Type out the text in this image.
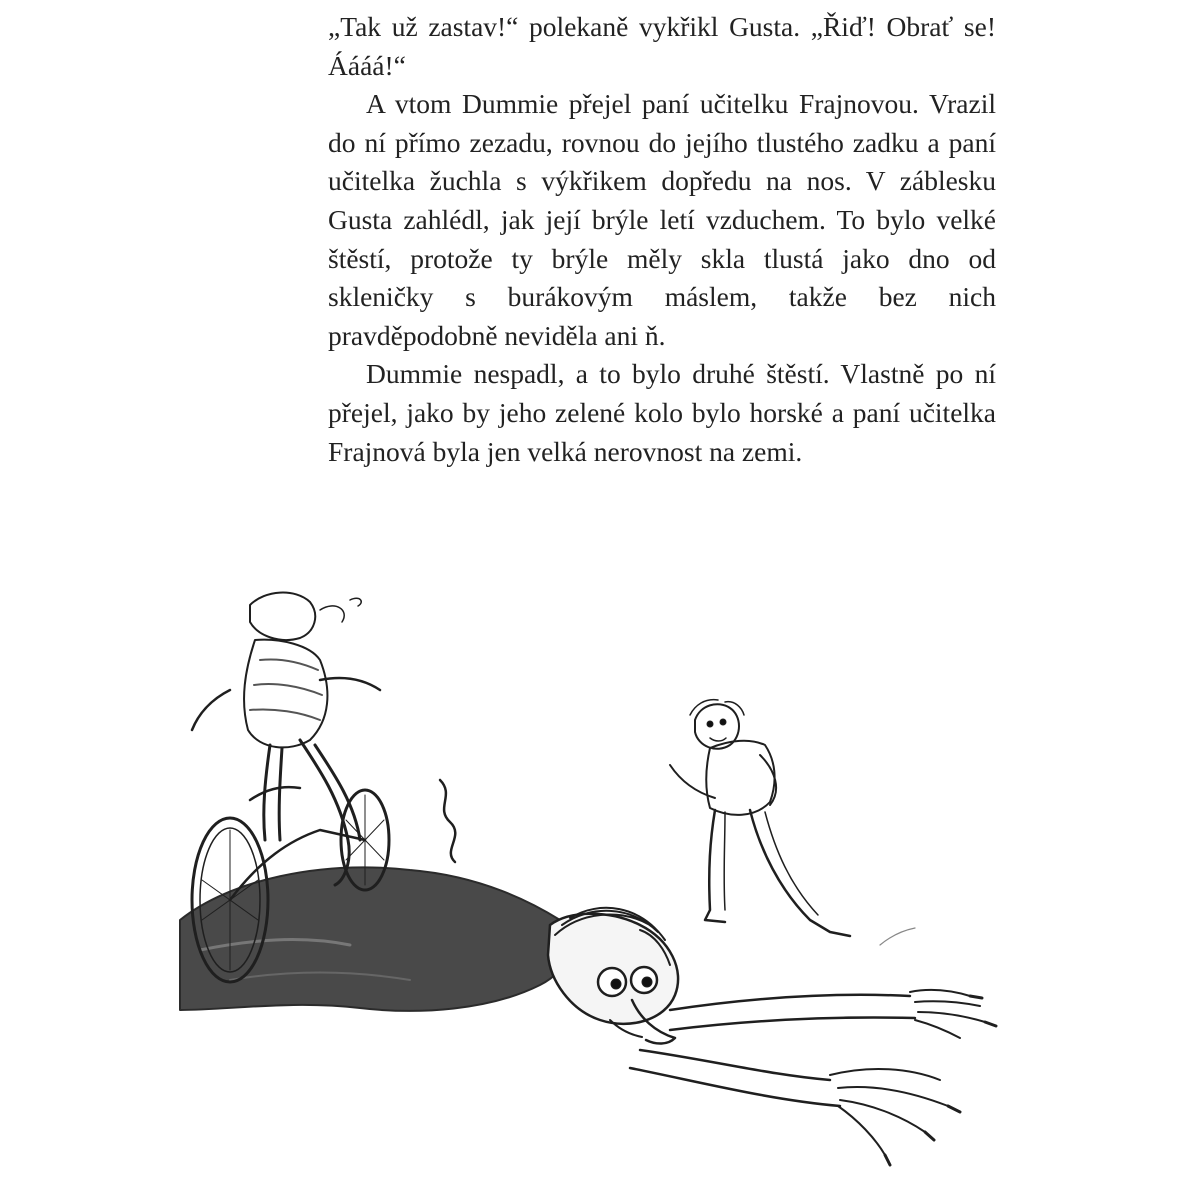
„Tak už zastav!“ polekaně vykřikl Gusta. „Řiď! Obrať se! Áááá!“

A vtom Dummie přejel paní učitelku Frajnovou. Vrazil do ní přímo zezadu, rovnou do jejího tlustého zadku a paní učitelka žuchla s výkřikem dopředu na nos. V záblesku Gusta zahlédl, jak její brýle letí vzduchem. To bylo velké štěstí, protože ty brýle měly skla tlustá jako dno od skleničky s burákovým máslem, takže bez nich pravděpodobně neviděla ani ň.

Dummie nespadl, a to bylo druhé štěstí. Vlastně po ní přejel, jako by jeho zelené kolo bylo horské a paní učitelka Frajnová byla jen velká nerovnost na zemi.
